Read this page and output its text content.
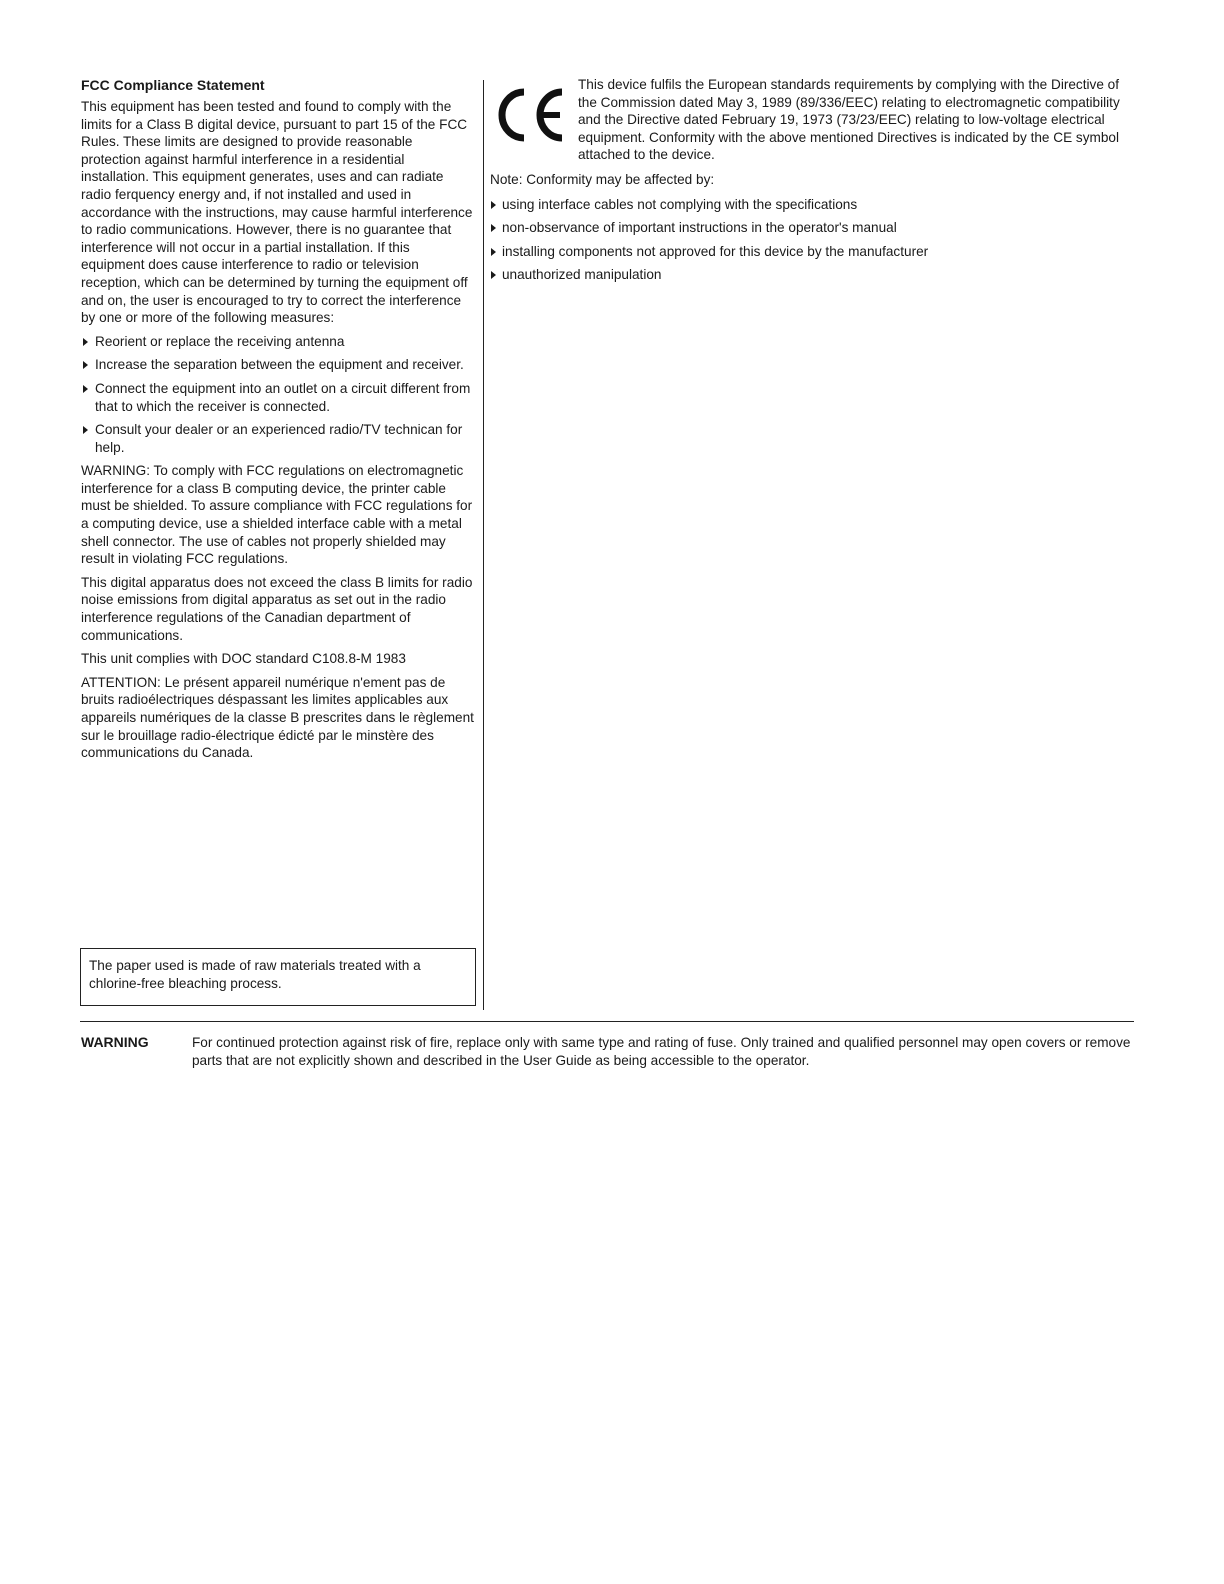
FCC Compliance Statement

This equipment has been tested and found to comply with the limits for a Class B digital device, pursuant to part 15 of the FCC Rules. These limits are designed to provide reasonable protection against harmful interference in a residential installation. This equipment generates, uses and can radiate radio ferquency energy and, if not installed and used in accordance with the instructions, may cause harmful interference to radio communications. However, there is no guarantee that interference will not occur in a partial installation. If this equipment does cause interference to radio or television reception, which can be determined by turning the equipment off and on, the user is encouraged to try to correct the interference by one or more of the following measures:

Reorient or replace the receiving antenna
Increase the separation between the equipment and receiver.
Connect the equipment into an outlet on a circuit different from that to which the receiver is connected.
Consult your dealer or an experienced radio/TV technican for help.

WARNING: To comply with FCC regulations on electromagnetic interference for a class B computing device, the printer cable must be shielded. To assure compliance with FCC regulations for a computing device, use a shielded interface cable with a metal shell connector. The use of cables not properly shielded may result in violating FCC regulations.

This digital apparatus does not exceed the class B limits for radio noise emissions from digital apparatus as set out in the radio interference regulations of the Canadian department of communications.

This unit complies with DOC standard C108.8-M 1983

ATTENTION: Le présent appareil numérique n'ement pas de bruits radioélectriques déspassant les limites applicables aux appareils numériques de la classe B prescrites dans le règlement sur le brouillage radio-électrique édicté par le minstère des communications du Canada.

The paper used is made of raw materials treated with a chlorine-free bleaching process.

This device fulfils the European standards requirements by complying with the Directive of the Commission dated May 3, 1989 (89/336/EEC) relating to electromagnetic compatibility and the Directive dated February 19, 1973 (73/23/EEC) relating to low-voltage electrical equipment. Conformity with the above mentioned Directives is indicated by the CE symbol attached to the device.

Note: Conformity may be affected by:

using interface cables not complying with the specifications
non-observance of important instructions in the operator's manual
installing components not approved for this device by the manufacturer
unauthorized manipulation
WARNING	For continued protection against risk of fire, replace only with same type and rating of fuse. Only trained and qualified personnel may open covers or remove parts that are not explicitly shown and described in the User Guide as being accessible to the operator.
